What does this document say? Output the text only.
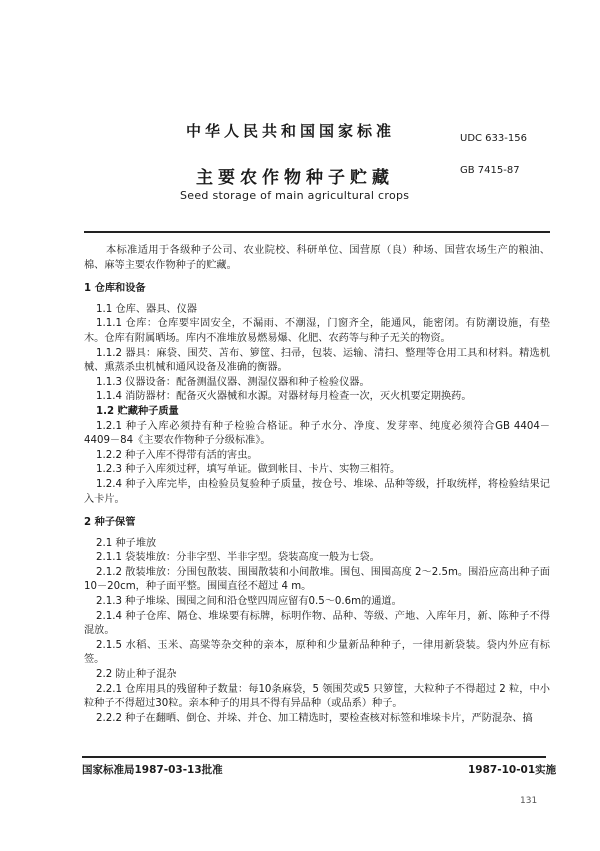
中华人民共和国国家标准	UDC 633-156
主要农作物种子贮藏	GB 7415-87
Seed storage of main agricultural crops

本标准适用于各级种子公司、农业院校、科研单位、国营原（良）种场、国营农场生产的粮油、棉、麻等主要农作物种子的贮藏。

1 仓库和设备

1.1 仓库、器具、仪器

1.1.1 仓库：仓库要牢固安全，不漏雨、不潮湿，门窗齐全，能通风，能密闭。有防潮设施，有垫木。仓库有附属晒场。库内不准堆放易燃易爆、化肥、农药等与种子无关的物资。

1.1.2 器具：麻袋、围芡、苫布、箩筐、扫帚，包装、运输、清扫、整理等仓用工具和材料。精选机械、熏蒸杀虫机械和通风设备及准确的衡器。

1.1.3 仪器设备：配备测温仪器、测湿仪器和种子检验仪器。

1.1.4 消防器材：配备灭火器械和水源。对器材每月检查一次，灭火机要定期换药。

1.2 贮藏种子质量

1.2.1 种子入库必须持有种子检验合格证。种子水分、净度、发芽率、纯度必须符合GB 4404－4409－84《主要农作物种子分级标准》。

1.2.2 种子入库不得带有活的害虫。

1.2.3 种子入库须过秤，填写单证。做到帐目、卡片、实物三相符。

1.2.4 种子入库完毕，由检验员复验种子质量，按仓号、堆垛、品种等级，扦取统样，将检验结果记入卡片。

2 种子保管

2.1 种子堆放

2.1.1 袋装堆放：分非字型、半非字型。袋装高度一般为七袋。

2.1.2 散装堆放：分围包散装、围囤散装和小间散堆。围包、围囤高度 2～2.5m。围沿应高出种子面10－20cm，种子面平整。围囤直径不超过 4 m。

2.1.3 种子堆垛、围囤之间和沿仓壁四周应留有0.5～0.6m的通道。

2.1.4 种子仓库、隔仓、堆垛要有标牌，标明作物、品种、等级、产地、入库年月，新、陈种子不得混放。

2.1.5 水稻、玉米、高粱等杂交种的亲本，原种和少量新品种种子，一律用新袋装。袋内外应有标签。

2.2 防止种子混杂

2.2.1 仓库用具的残留种子数量：每10条麻袋，5 领围芡或5 只箩筐，大粒种子不得超过 2 粒，中小粒种子不得超过30粒。亲本种子的用具不得有异品种（或品系）种子。

2.2.2 种子在翻晒、倒仓、并垛、并仓、加工精选时，要检查核对标签和堆垛卡片，严防混杂、搞

国家标准局1987-03-13批准	1987-10-01实施
131
